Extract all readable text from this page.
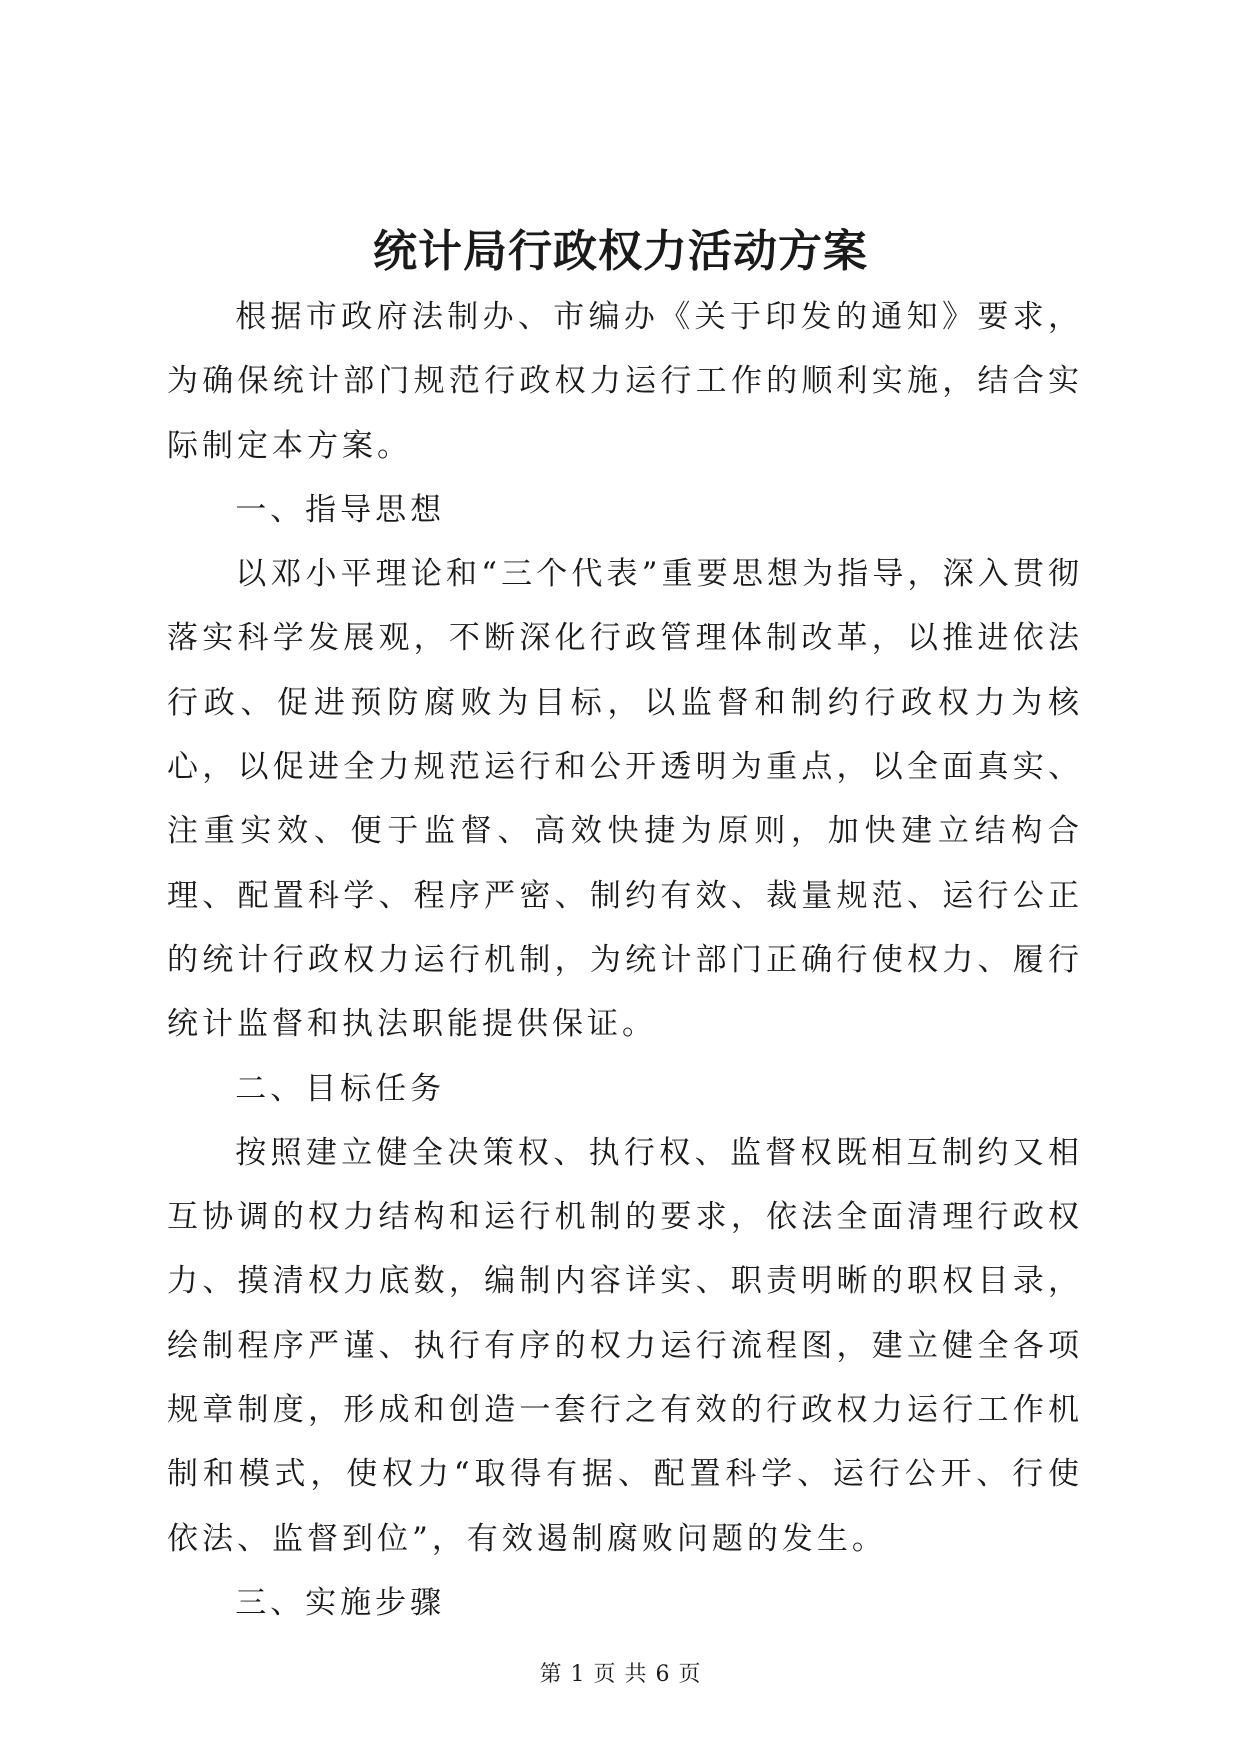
统计局行政权力活动方案

根据市政府法制办、市编办《关于印发的通知》要求，为确保统计部门规范行政权力运行工作的顺利实施，结合实际制定本方案。

一、指导思想

以邓小平理论和“三个代表”重要思想为指导，深入贯彻落实科学发展观，不断深化行政管理体制改革，以推进依法行政、促进预防腐败为目标，以监督和制约行政权力为核心，以促进全力规范运行和公开透明为重点，以全面真实、注重实效、便于监督、高效快捷为原则，加快建立结构合理、配置科学、程序严密、制约有效、裁量规范、运行公正的统计行政权力运行机制，为统计部门正确行使权力、履行统计监督和执法职能提供保证。

二、目标任务

按照建立健全决策权、执行权、监督权既相互制约又相互协调的权力结构和运行机制的要求，依法全面清理行政权力、摸清权力底数，编制内容详实、职责明晰的职权目录，绘制程序严谨、执行有序的权力运行流程图，建立健全各项规章制度，形成和创造一套行之有效的行政权力运行工作机制和模式，使权力“取得有据、配置科学、运行公开、行使依法、监督到位”，有效遏制腐败问题的发生。

三、实施步骤

第 1 页 共 6 页
